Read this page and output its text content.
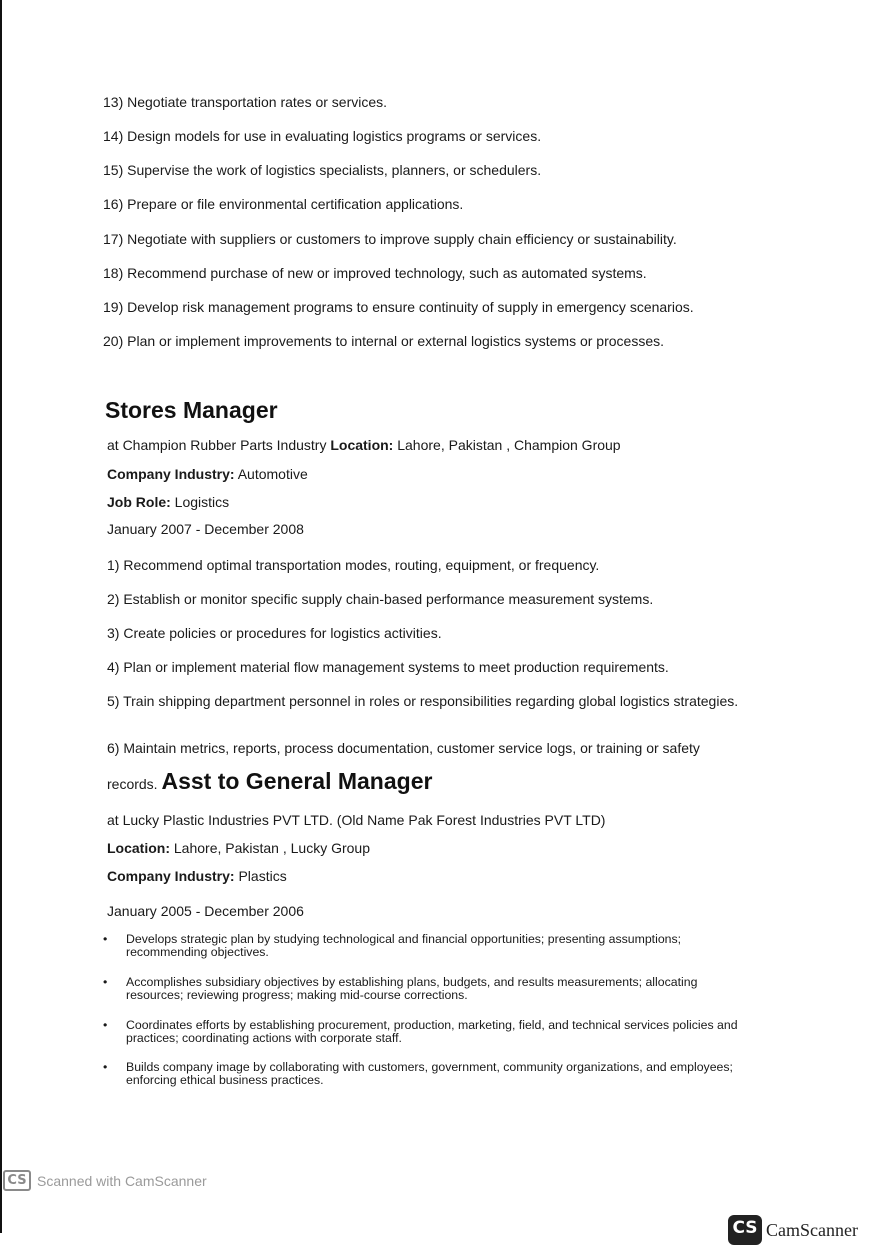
13) Negotiate transportation rates or services.
14) Design models for use in evaluating logistics programs or services.
15) Supervise the work of logistics specialists, planners, or schedulers.
16) Prepare or file environmental certification applications.
17) Negotiate with suppliers or customers to improve supply chain efficiency or sustainability.
18) Recommend purchase of new or improved technology, such as automated systems.
19) Develop risk management programs to ensure continuity of supply in emergency scenarios.
20) Plan or implement improvements to internal or external logistics systems or processes.
Stores Manager
at Champion Rubber Parts Industry Location: Lahore, Pakistan , Champion Group
Company Industry: Automotive
Job Role: Logistics
January 2007 - December 2008
1) Recommend optimal transportation modes, routing, equipment, or frequency.
2) Establish or monitor specific supply chain-based performance measurement systems.
3) Create policies or procedures for logistics activities.
4) Plan or implement material flow management systems to meet production requirements.
5) Train shipping department personnel in roles or responsibilities regarding global logistics strategies.
6) Maintain metrics, reports, process documentation, customer service logs, or training or safety
records. Asst to General Manager
at Lucky Plastic Industries PVT LTD. (Old Name Pak Forest Industries PVT LTD)
Location: Lahore, Pakistan , Lucky Group
Company Industry: Plastics
January 2005 - December 2006
• Develops strategic plan by studying technological and financial opportunities; presenting assumptions; recommending objectives.
• Accomplishes subsidiary objectives by establishing plans, budgets, and results measurements; allocating resources; reviewing progress; making mid-course corrections.
• Coordinates efforts by establishing procurement, production, marketing, field, and technical services policies and practices; coordinating actions with corporate staff.
• Builds company image by collaborating with customers, government, community organizations, and employees; enforcing ethical business practices.
CS Scanned with CamScanner
CS CamScanner
